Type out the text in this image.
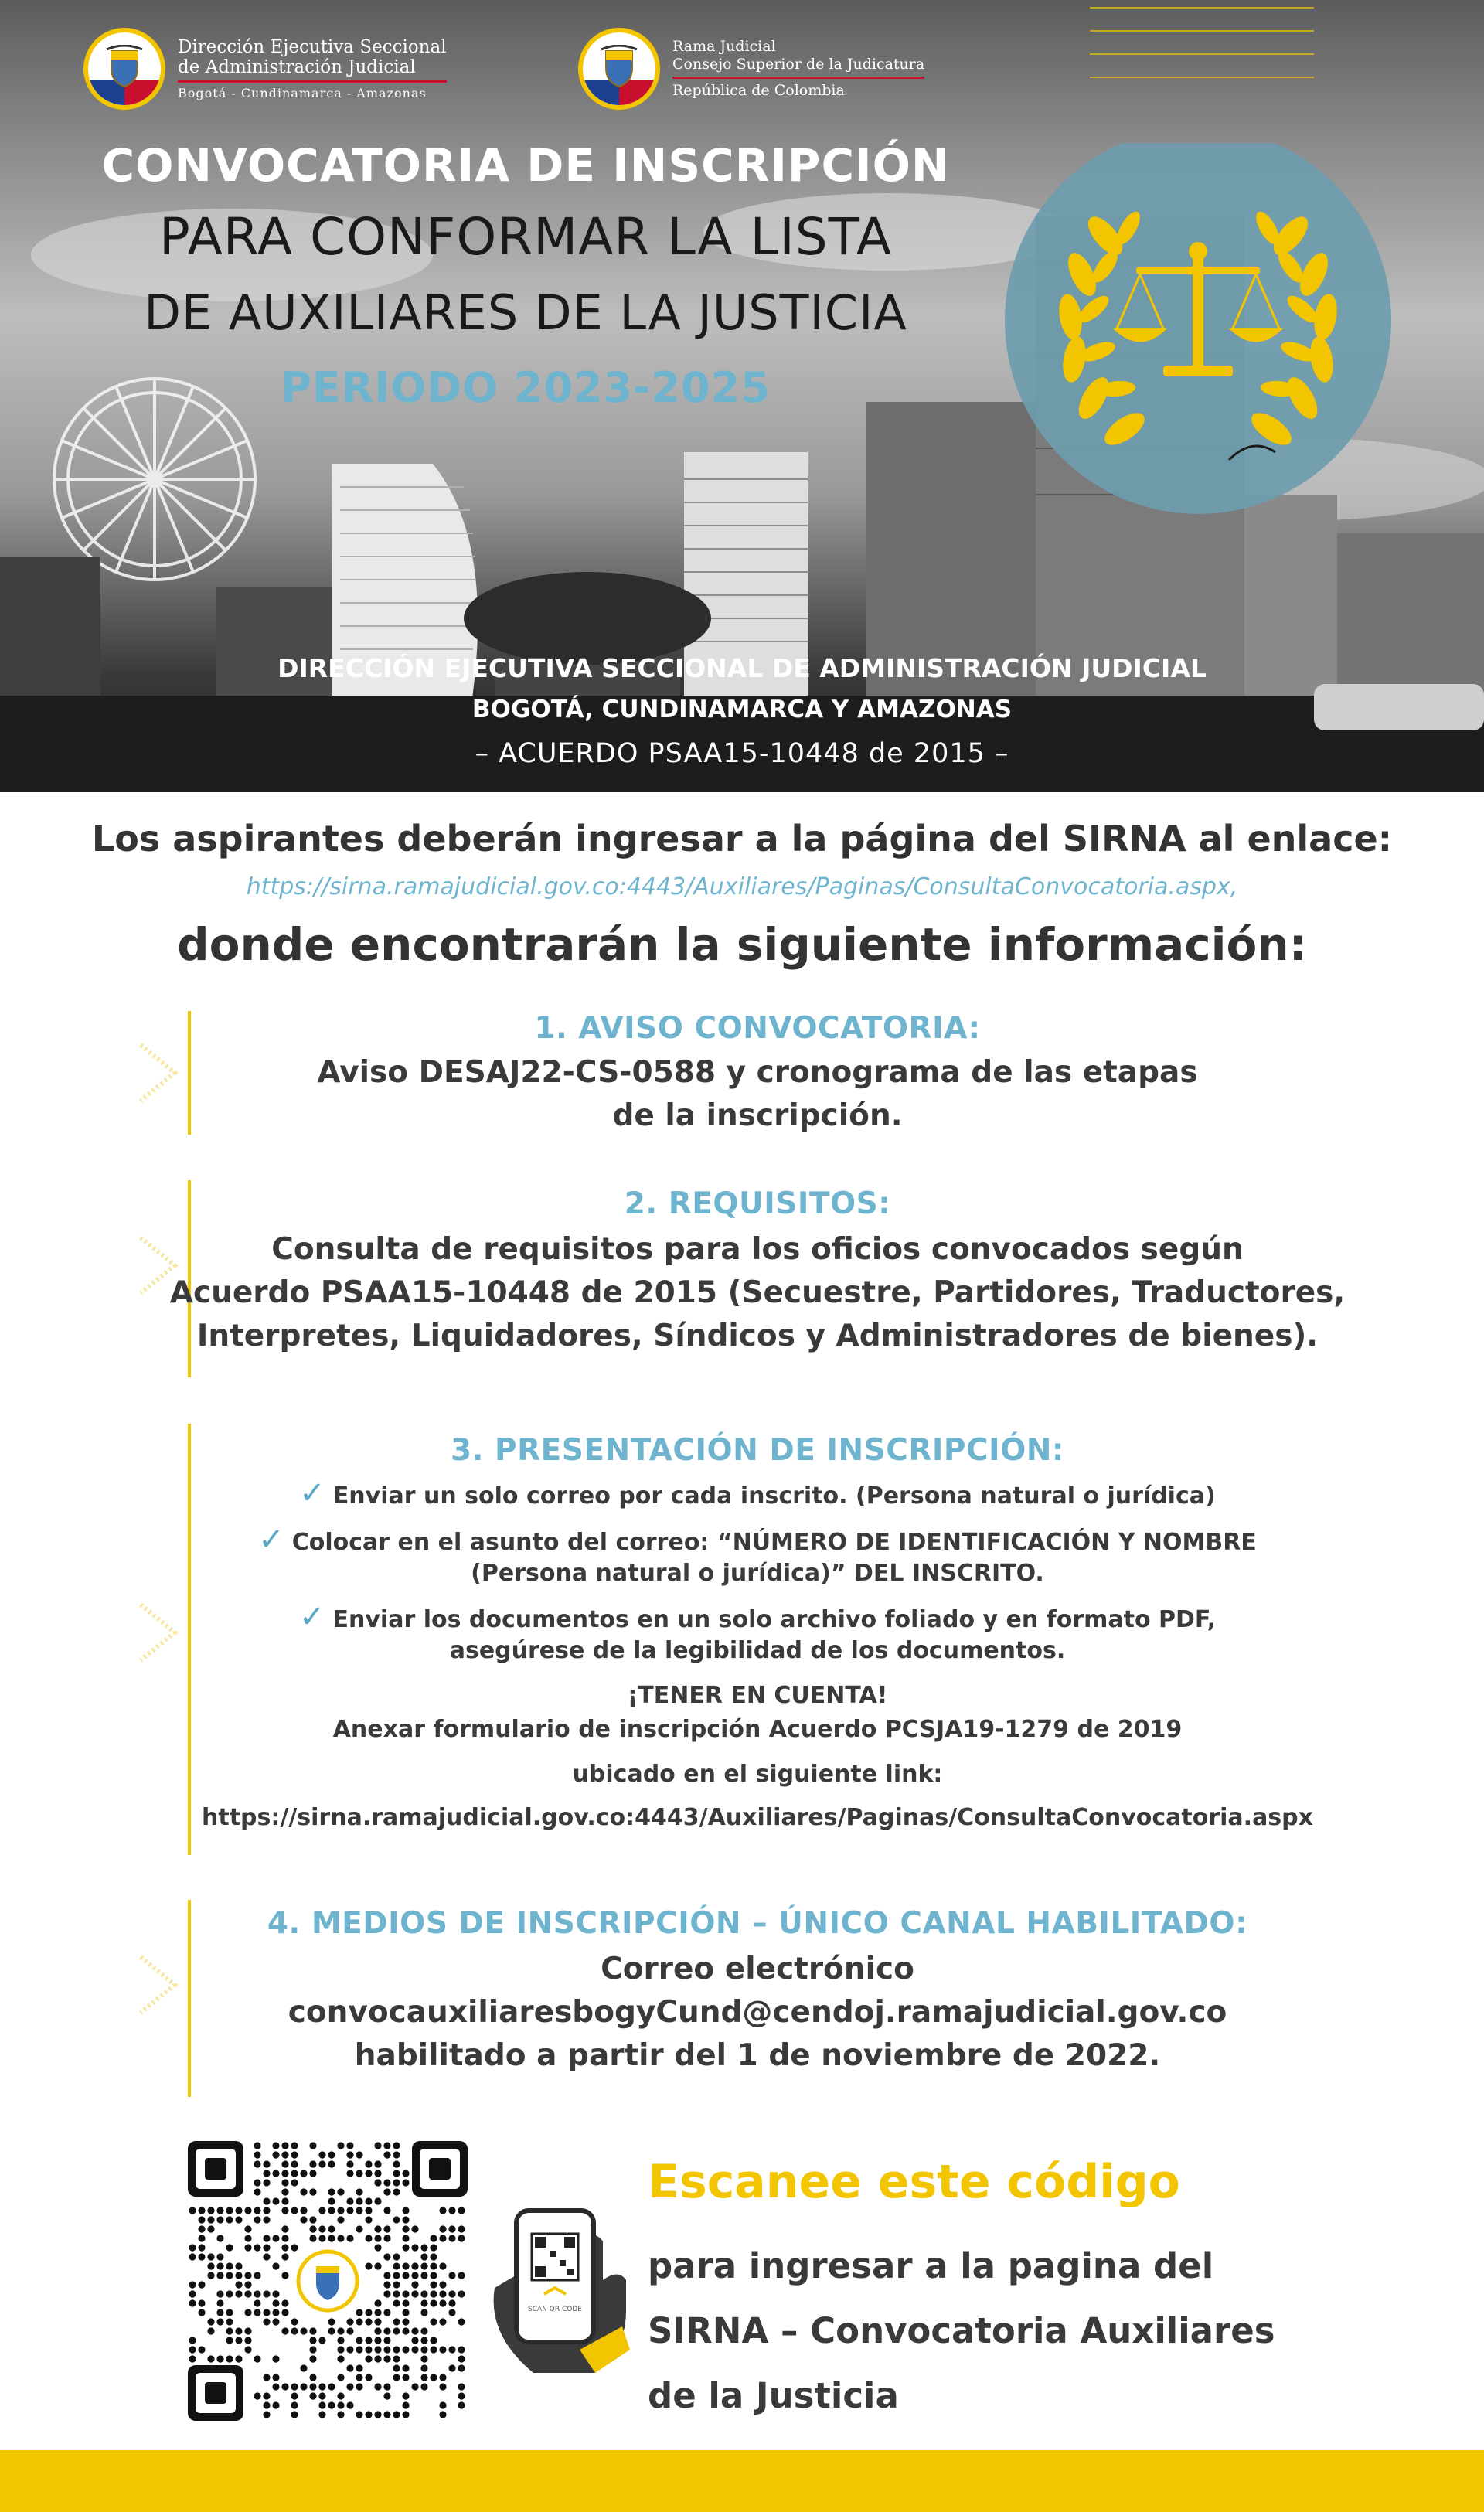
Dirección Ejecutiva Seccional
de Administración Judicial
Bogotá - Cundinamarca - Amazonas
Rama Judicial
Consejo Superior de la Judicatura
República de Colombia
CONVOCATORIA DE INSCRIPCIÓN
PARA CONFORMAR LA LISTA
DE AUXILIARES DE LA JUSTICIA
PERIODO 2023-2025
DIRECCIÓN EJECUTIVA SECCIONAL DE ADMINISTRACIÓN JUDICIAL
BOGOTÁ, CUNDINAMARCA Y AMAZONAS
– ACUERDO PSAA15-10448 de 2015 –
Los aspirantes deberán ingresar a la página del SIRNA al enlace:
https://sirna.ramajudicial.gov.co:4443/Auxiliares/Paginas/ConsultaConvocatoria.aspx,
donde encontrarán la siguiente información:
1. AVISO CONVOCATORIA:
Aviso DESAJ22-CS-0588 y cronograma de las etapas
de la inscripción.
2. REQUISITOS:
Consulta de requisitos para los oficios convocados según
Acuerdo PSAA15-10448 de 2015 (Secuestre, Partidores, Traductores,
Interpretes, Liquidadores, Síndicos y Administradores de bienes).
3. PRESENTACIÓN DE INSCRIPCIÓN:
✓ Enviar un solo correo por cada inscrito. (Persona natural o jurídica)
✓ Colocar en el asunto del correo: “NÚMERO DE IDENTIFICACIÓN Y NOMBRE
(Persona natural o jurídica)” DEL INSCRITO.
✓ Enviar los documentos en un solo archivo foliado y en formato PDF,
asegúrese de la legibilidad de los documentos.
¡TENER EN CUENTA!
Anexar formulario de inscripción Acuerdo PCSJA19-1279 de 2019
ubicado en el siguiente link:
https://sirna.ramajudicial.gov.co:4443/Auxiliares/Paginas/ConsultaConvocatoria.aspx
4. MEDIOS DE INSCRIPCIÓN – ÚNICO CANAL HABILITADO:
Correo electrónico
convocauxiliaresbogyCund@cendoj.ramajudicial.gov.co
habilitado a partir del 1 de noviembre de 2022.
SCAN QR CODE
Escanee este código
para ingresar a la pagina del
SIRNA – Convocatoria Auxiliares
de la Justicia
